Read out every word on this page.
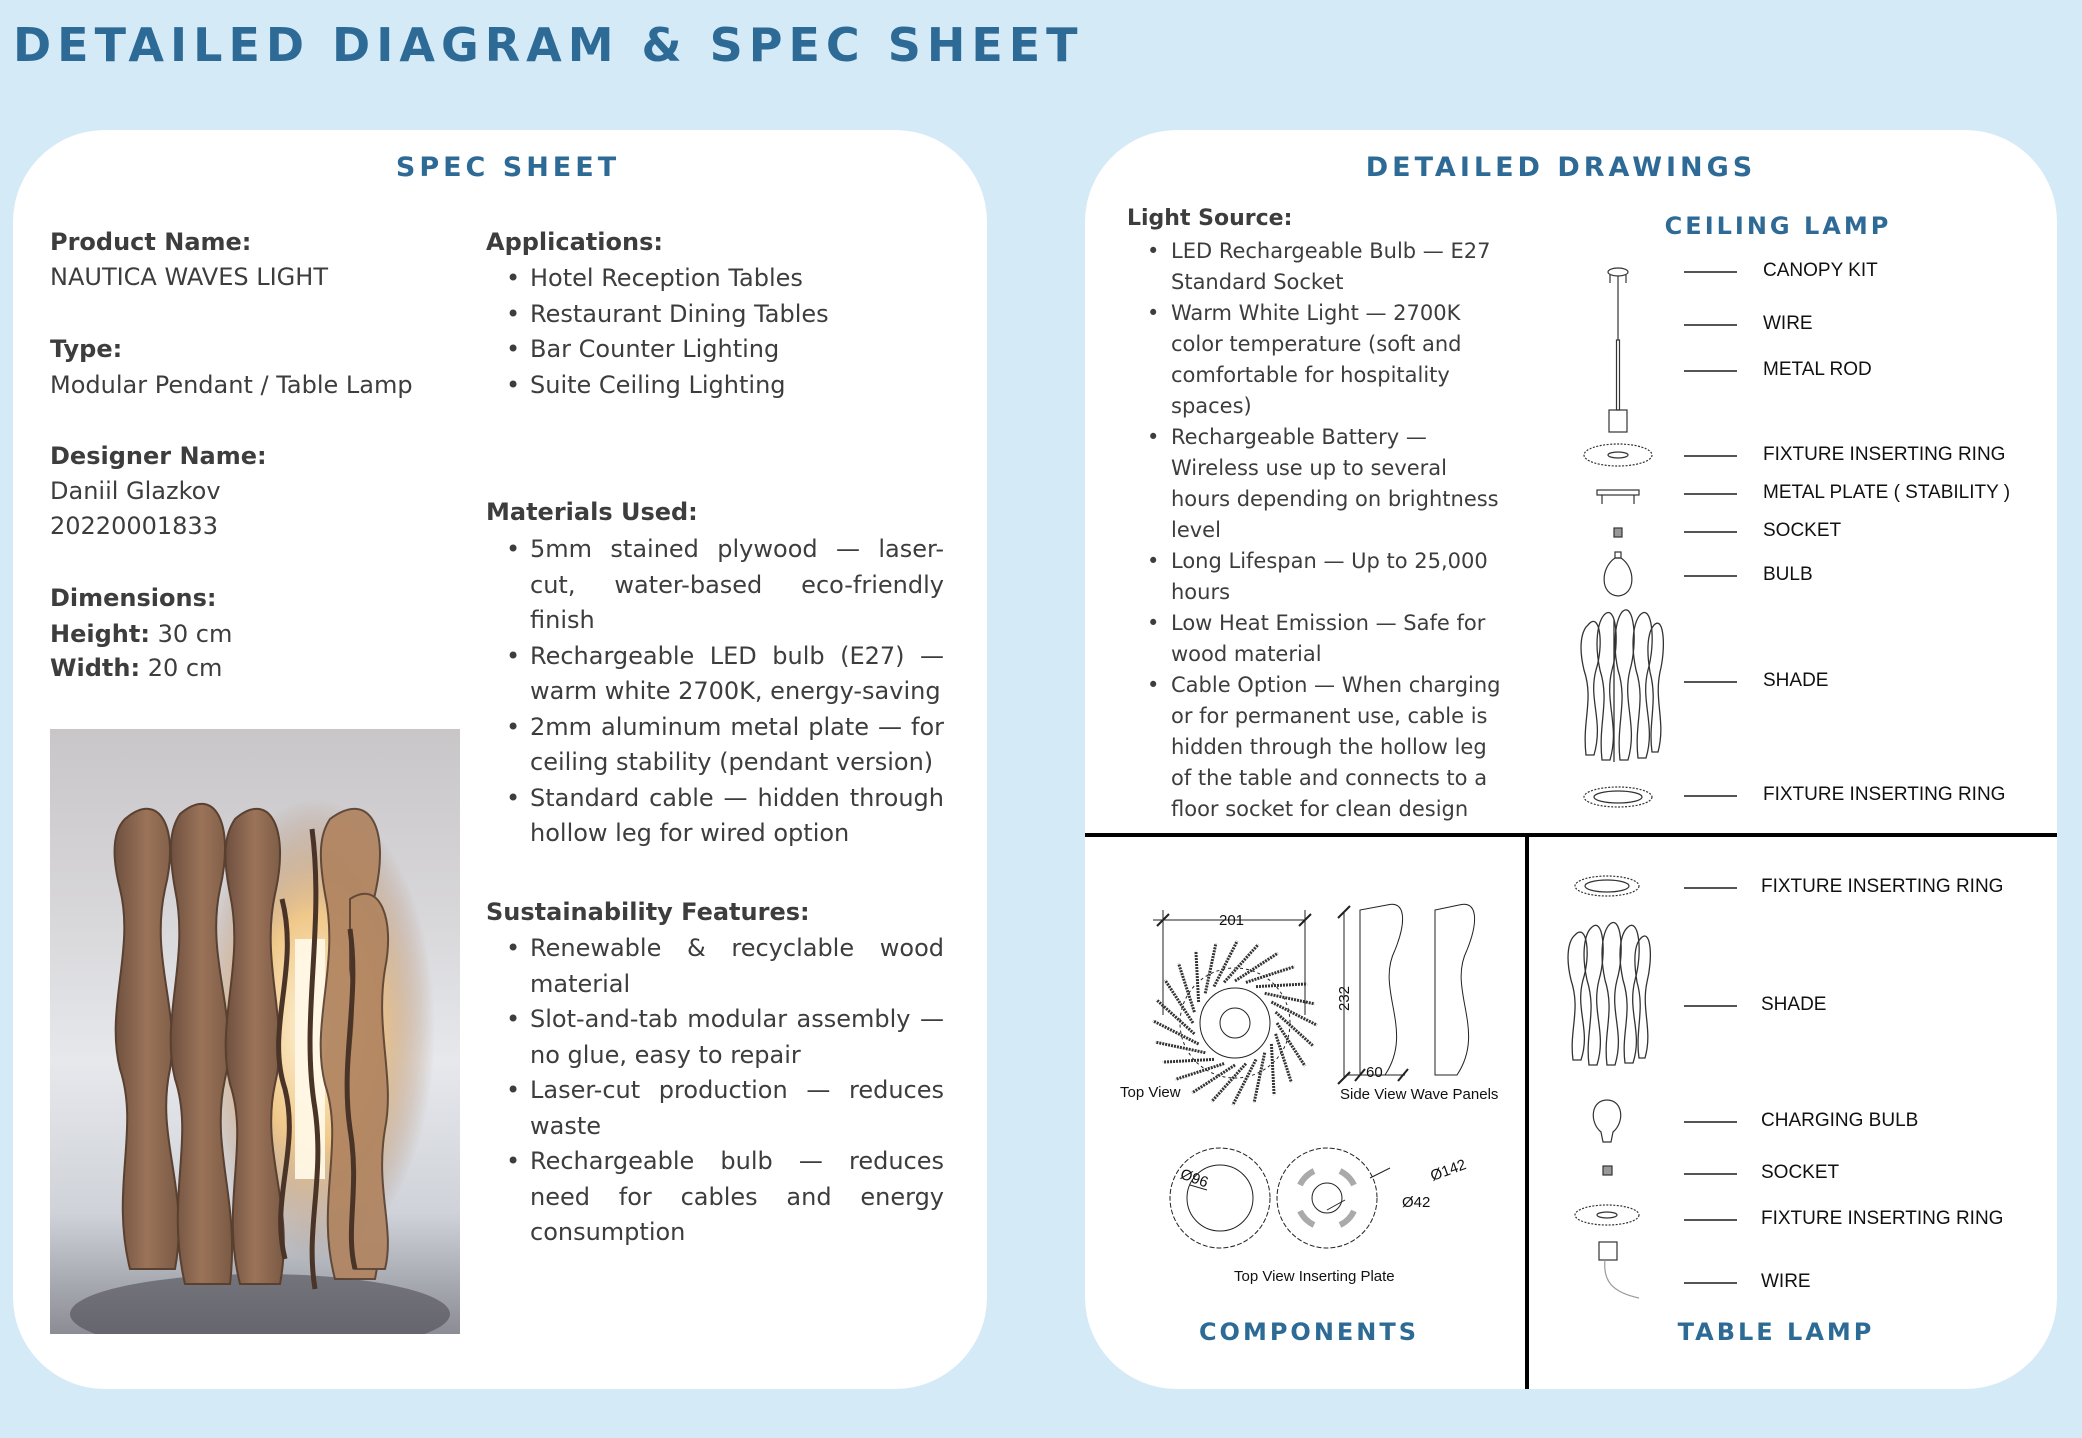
DETAILED DIAGRAM & SPEC SHEET
SPEC SHEET
Product Name:
NAUTICA WAVES LIGHT
Type:
Modular Pendant / Table Lamp
Designer Name:
Daniil Glazkov
20220001833
Dimensions:
Height: 30 cm
Width: 20 cm
Applications:
• Hotel Reception Tables
• Restaurant Dining Tables
• Bar Counter Lighting
• Suite Ceiling Lighting
Materials Used:
• 5mm stained plywood — laser-cut, water-based eco-friendly finish
• Rechargeable LED bulb (E27) — warm white 2700K, energy-saving
• 2mm aluminum metal plate — for ceiling stability (pendant version)
• Standard cable — hidden through hollow leg for wired option
Sustainability Features:
• Renewable & recyclable wood material
• Slot-and-tab modular assembly — no glue, easy to repair
• Laser-cut production — reduces waste
• Rechargeable bulb — reduces need for cables and energy consumption
DETAILED DRAWINGS
Light Source:
• LED Rechargeable Bulb — E27 Standard Socket
• Warm White Light — 2700K color temperature (soft and comfortable for hospitality spaces)
• Rechargeable Battery — Wireless use up to several hours depending on brightness level
• Long Lifespan — Up to 25,000 hours
• Low Heat Emission — Safe for wood material
• Cable Option — When charging or for permanent use, cable is hidden through the hollow leg of the table and connects to a floor socket for clean design
CEILING LAMP
CANOPY KIT
WIRE
METAL ROD
FIXTURE INSERTING RING
METAL PLATE ( STABILITY )
SOCKET
BULB
SHADE
FIXTURE INSERTING RING
201
232
60
Top View	Side View Wave Panels
Ø96	Ø142
Ø42
Top View Inserting Plate
COMPONENTS
FIXTURE INSERTING RING
SHADE
CHARGING BULB
SOCKET
FIXTURE INSERTING RING
WIRE
TABLE LAMP
